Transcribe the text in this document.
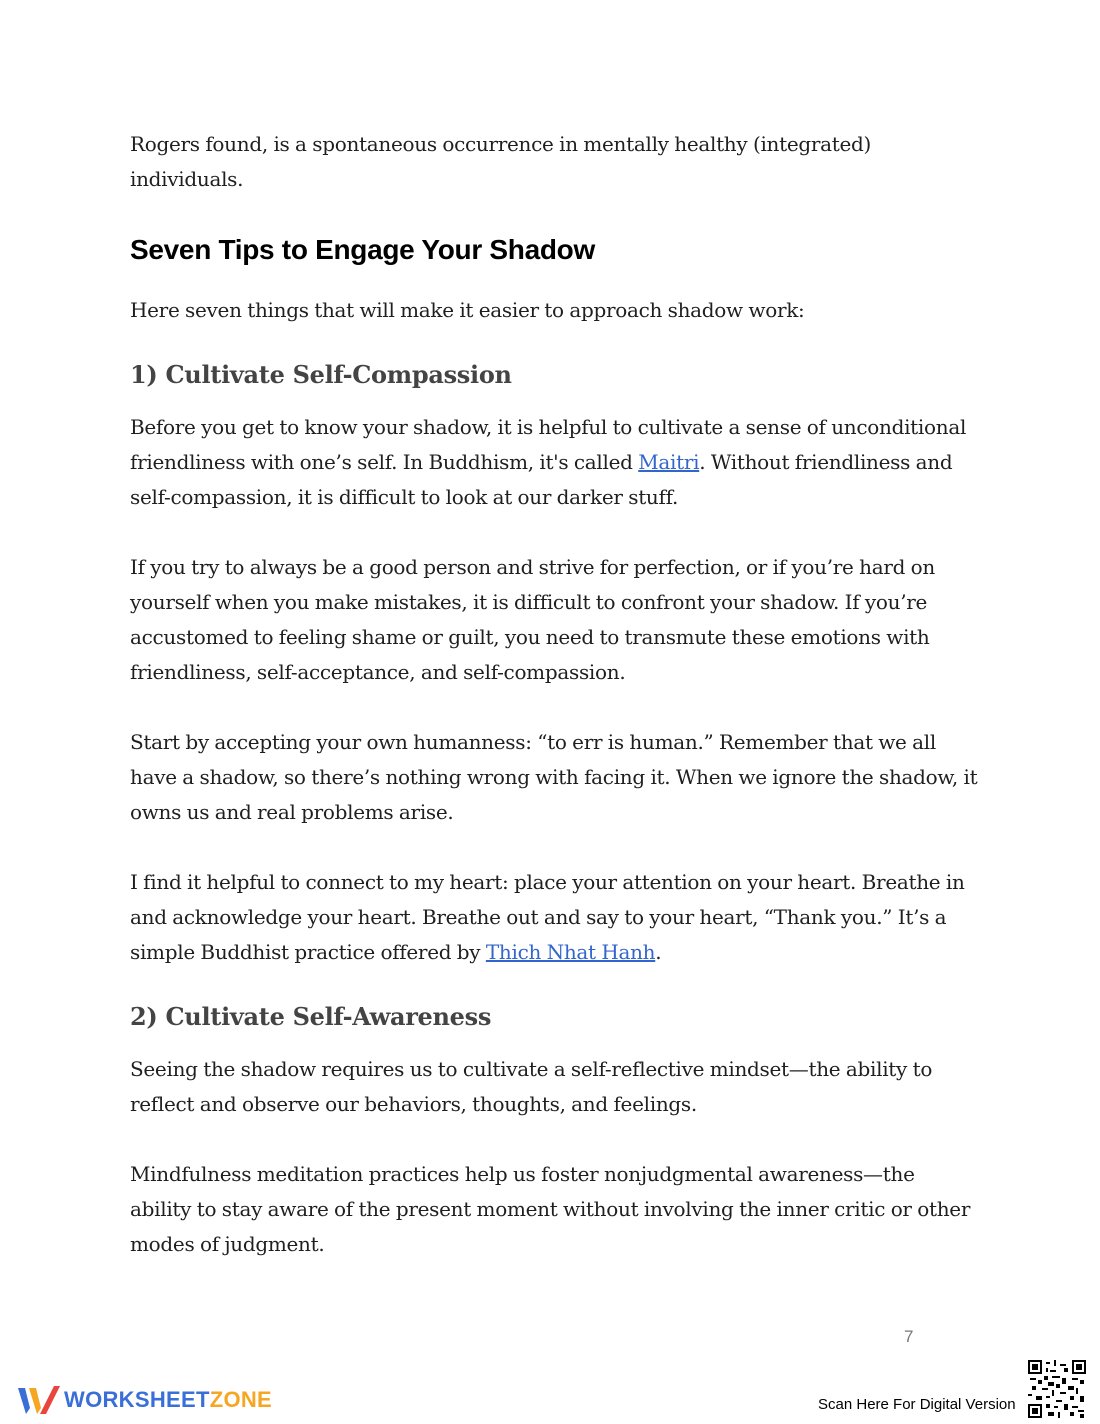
Rogers found, is a spontaneous occurrence in mentally healthy (integrated)
individuals.

Seven Tips to Engage Your Shadow

Here seven things that will make it easier to approach shadow work:

1) Cultivate Self-Compassion

Before you get to know your shadow, it is helpful to cultivate a sense of unconditional friendliness with one’s self. In Buddhism, it's called Maitri. Without friendliness and self-compassion, it is difficult to look at our darker stuff.

If you try to always be a good person and strive for perfection, or if you’re hard on yourself when you make mistakes, it is difficult to confront your shadow. If you’re accustomed to feeling shame or guilt, you need to transmute these emotions with friendliness, self-acceptance, and self-compassion.

Start by accepting your own humanness: “to err is human.” Remember that we all have a shadow, so there’s nothing wrong with facing it. When we ignore the shadow, it owns us and real problems arise.

I find it helpful to connect to my heart: place your attention on your heart. Breathe in and acknowledge your heart. Breathe out and say to your heart, “Thank you.” It’s a simple Buddhist practice offered by Thich Nhat Hanh.

2) Cultivate Self-Awareness

Seeing the shadow requires us to cultivate a self-reflective mindset—the ability to reflect and observe our behaviors, thoughts, and feelings.

Mindfulness meditation practices help us foster nonjudgmental awareness—the ability to stay aware of the present moment without involving the inner critic or other modes of judgment.

7
WORKSHEETZONE	Scan Here For Digital Version
